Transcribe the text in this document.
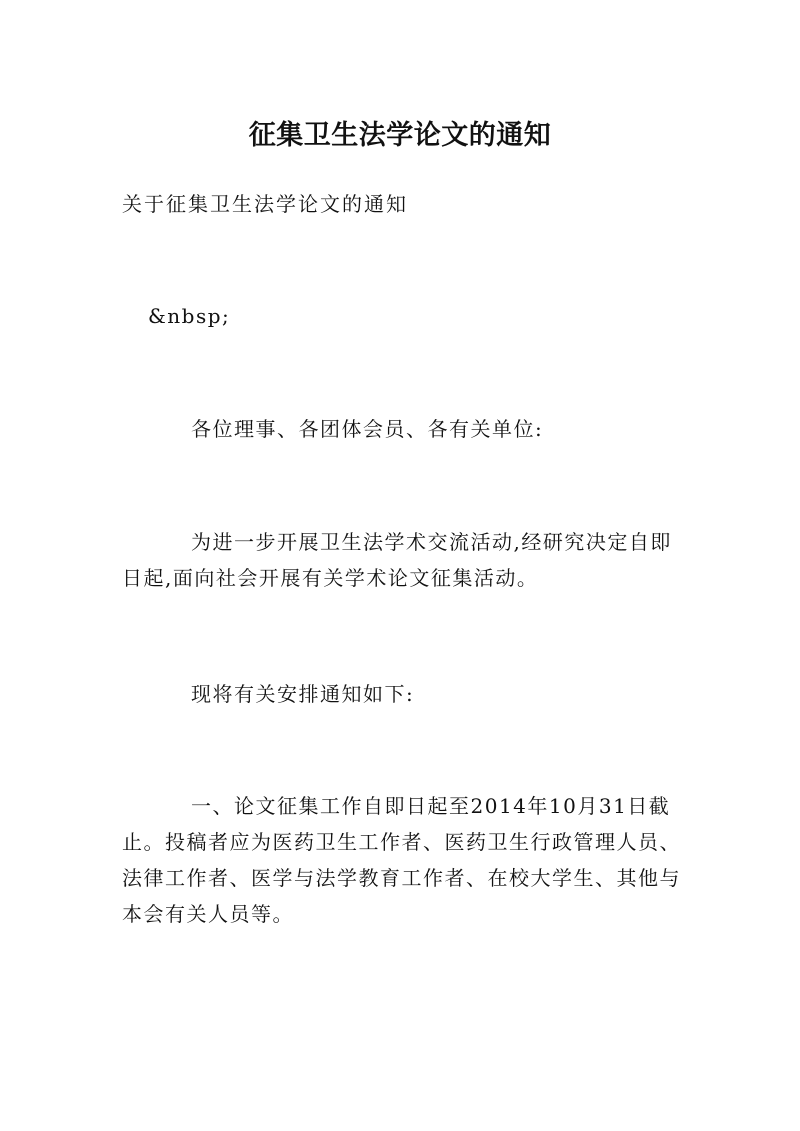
征集卫生法学论文的通知

关于征集卫生法学论文的通知

&nbsp;

各位理事、各团体会员、各有关单位:

为进一步开展卫生法学术交流活动,经研究决定自即日起,面向社会开展有关学术论文征集活动。

现将有关安排通知如下:

一、论文征集工作自即日起至2014年10月31日截止。投稿者应为医药卫生工作者、医药卫生行政管理人员、法律工作者、医学与法学教育工作者、在校大学生、其他与本会有关人员等。
